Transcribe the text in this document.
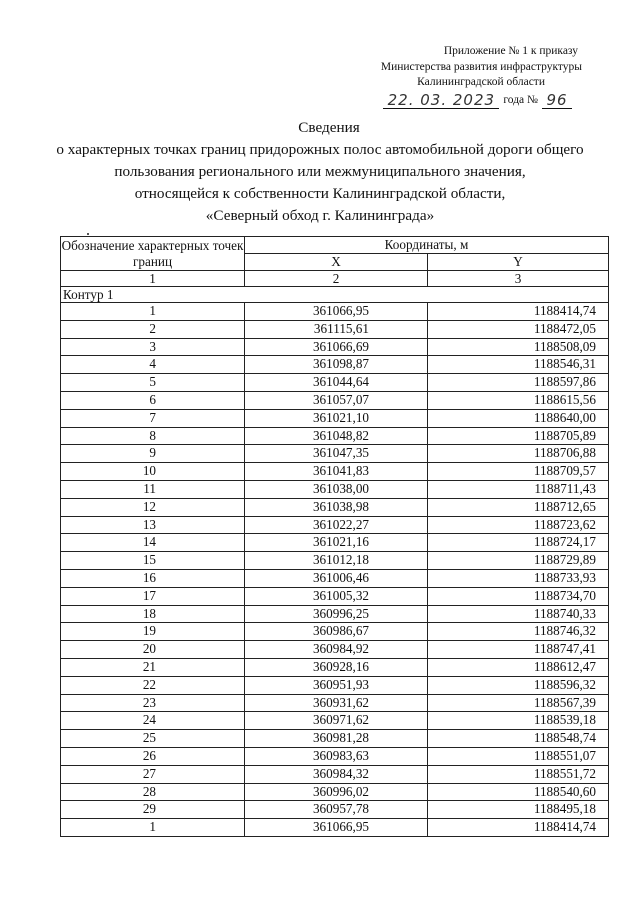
Приложение № 1 к приказу
Министерства развития инфраструктуры
Калининградской области
22. 03. 2023 года № 96
Сведения
о характерных точках границ придорожных полос автомобильной дороги общего
пользования регионального или межмуниципального значения,
относящейся к собственности Калининградской области,
«Северный обход г. Калининграда»
Обозначение характерных точек границ	Координаты, м	
	X	Y
1	2	3
Контур 1		
1	361066,95	1188414,74
2	361115,61	1188472,05
3	361066,69	1188508,09
4	361098,87	1188546,31
5	361044,64	1188597,86
6	361057,07	1188615,56
7	361021,10	1188640,00
8	361048,82	1188705,89
9	361047,35	1188706,88
10	361041,83	1188709,57
11	361038,00	1188711,43
12	361038,98	1188712,65
13	361022,27	1188723,62
14	361021,16	1188724,17
15	361012,18	1188729,89
16	361006,46	1188733,93
17	361005,32	1188734,70
18	360996,25	1188740,33
19	360986,67	1188746,32
20	360984,92	1188747,41
21	360928,16	1188612,47
22	360951,93	1188596,32
23	360931,62	1188567,39
24	360971,62	1188539,18
25	360981,28	1188548,74
26	360983,63	1188551,07
27	360984,32	1188551,72
28	360996,02	1188540,60
29	360957,78	1188495,18
1	361066,95	1188414,74
